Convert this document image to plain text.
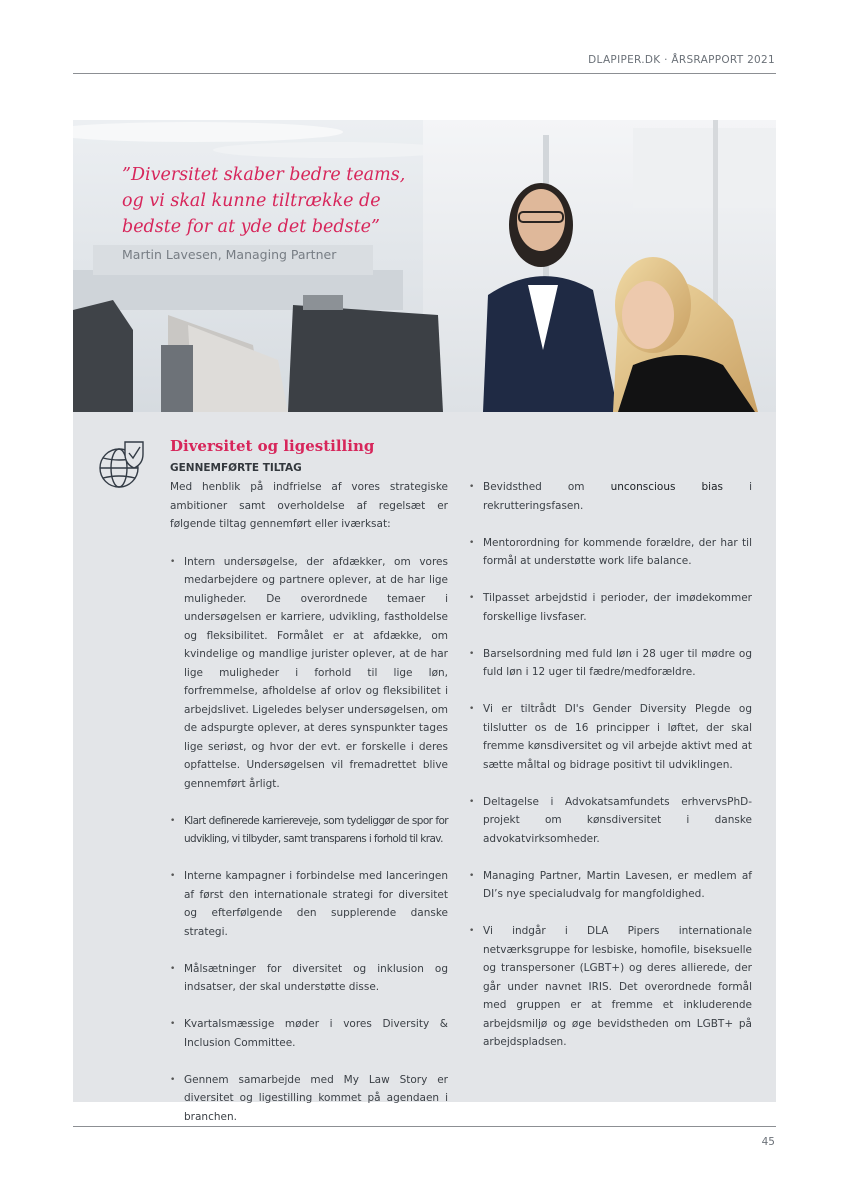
DLAPIPER.DK · ÅRSRAPPORT 2021

”Diversitet skaber bedre teams, og vi skal kunne tiltrække de bedste for at yde det bedste”

Martin Lavesen, Managing Partner
Diversitet og ligestilling
GENNEMFØRTE TILTAG

Med henblik på indfrielse af vores strategiske ambitioner samt overholdelse af regelsæt er følgende tiltag gennemført eller iværksat:

• Intern undersøgelse, der afdækker, om vores medarbejdere og partnere oplever, at de har lige muligheder. De overordnede temaer i undersøgelsen er karriere, udvikling, fastholdelse og fleksibilitet. Formålet er at afdække, om kvindelige og mandlige jurister oplever, at de har lige muligheder i forhold til lige løn, forfremmelse, afholdelse af orlov og fleksibilitet i arbejdslivet. Ligeledes belyser undersøgelsen, om de adspurgte oplever, at deres synspunkter tages lige seriøst, og hvor der evt. er forskelle i deres opfattelse. Undersøgelsen vil fremadrettet blive gennemført årligt.
• Klart definerede karriereveje, som tydeliggør de spor for udvikling, vi tilbyder, samt transparens i forhold til krav.
• Interne kampagner i forbindelse med lanceringen af først den internationale strategi for diversitet og efterfølgende den supplerende danske strategi.
• Målsætninger for diversitet og inklusion og indsatser, der skal understøtte disse.
• Kvartalsmæssige møder i vores Diversity & Inclusion Committee.
• Gennem samarbejde med My Law Story er diversitet og ligestilling kommet på agendaen i branchen.
• Bevidsthed om unconscious bias i rekrutteringsfasen.
• Mentorordning for kommende forældre, der har til formål at understøtte work life balance.
• Tilpasset arbejdstid i perioder, der imødekommer forskellige livsfaser.
• Barselsordning med fuld løn i 28 uger til mødre og fuld løn i 12 uger til fædre/medforældre.
• Vi er tiltrådt DI's Gender Diversity Plegde og tilslutter os de 16 principper i løftet, der skal fremme kønsdiversitet og vil arbejde aktivt med at sætte måltal og bidrage positivt til udviklingen.
• Deltagelse i Advokatsamfundets erhvervsPhD-projekt om kønsdiversitet i danske advokatvirksomheder.
• Managing Partner, Martin Lavesen, er medlem af DI’s nye specialudvalg for mangfoldighed.
• Vi indgår i DLA Pipers internationale netværksgruppe for lesbiske, homofile, biseksuelle og transpersoner (LGBT+) og deres allierede, der går under navnet IRIS. Det overordnede formål med gruppen er at fremme et inkluderende arbejdsmiljø og øge bevidstheden om LGBT+ på arbejdspladsen.
45
